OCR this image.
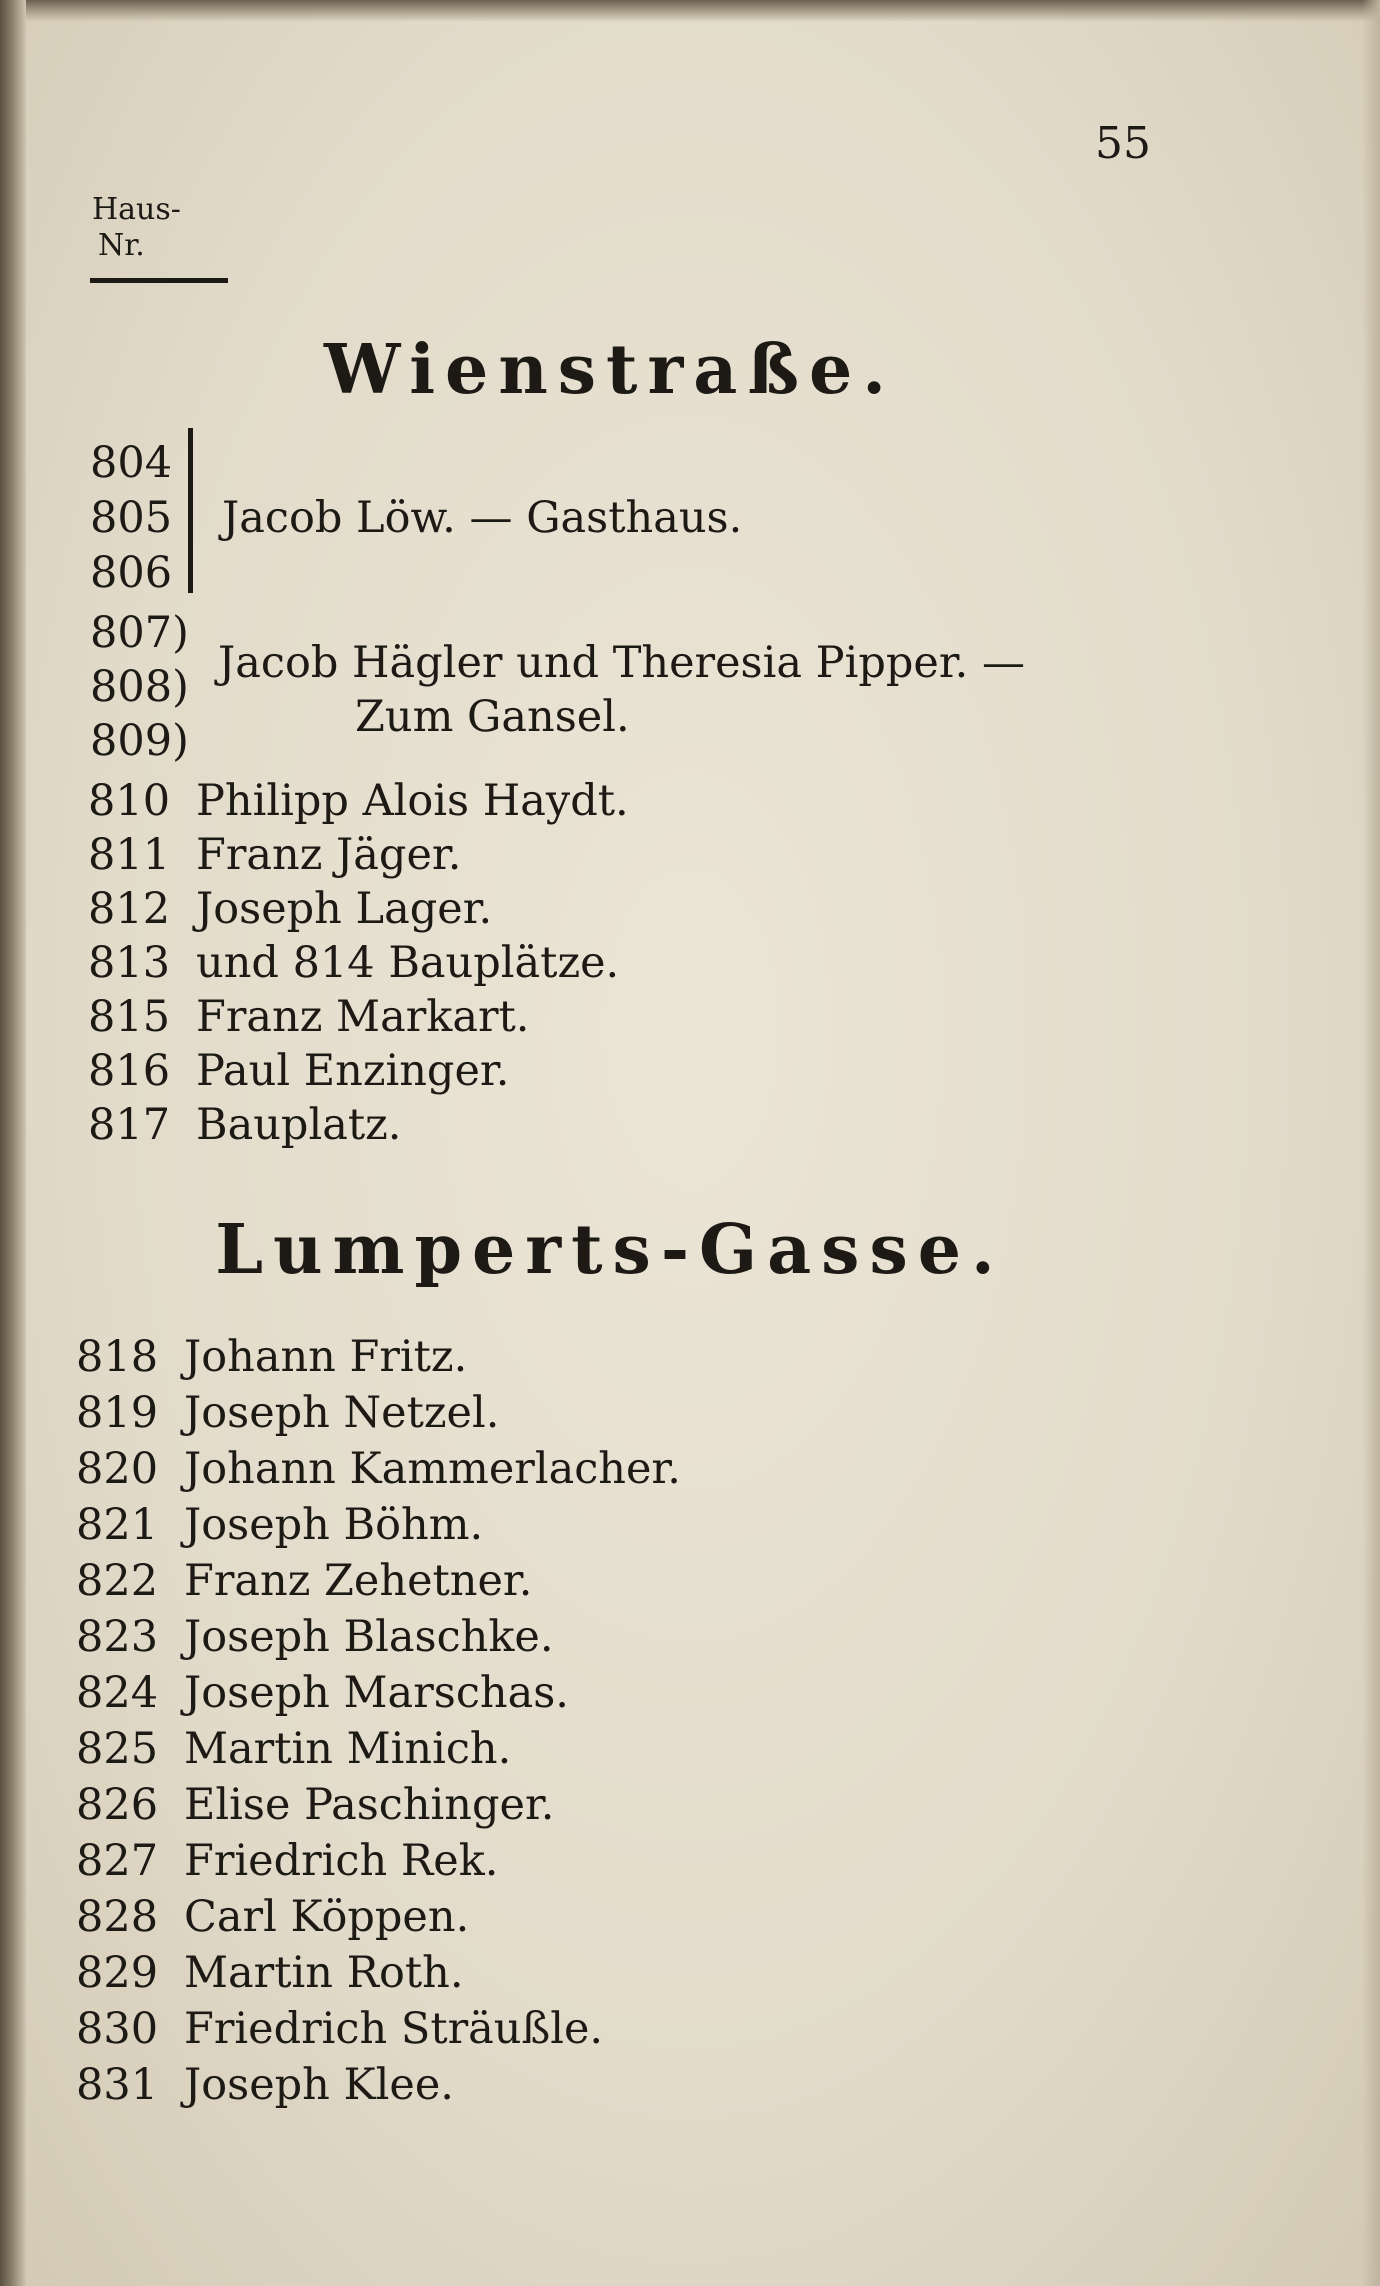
55
Haus-
Nr.
Wienstraße.
804
805
806
Jacob Löw. — Gasthaus.
807)
808)
809)
Jacob Hägler und Theresia Pipper. —
Zum Gansel.
810 Philipp Alois Haydt.
811 Franz Jäger.
812 Joseph Lager.
813 und 814 Bauplätze.
815 Franz Markart.
816 Paul Enzinger.
817 Bauplatz.
Lumperts-Gasse.
818 Johann Fritz.
819 Joseph Netzel.
820 Johann Kammerlacher.
821 Joseph Böhm.
822 Franz Zehetner.
823 Joseph Blaschke.
824 Joseph Marschas.
825 Martin Minich.
826 Elise Paschinger.
827 Friedrich Rek.
828 Carl Köppen.
829 Martin Roth.
830 Friedrich Sträußle.
831 Joseph Klee.
